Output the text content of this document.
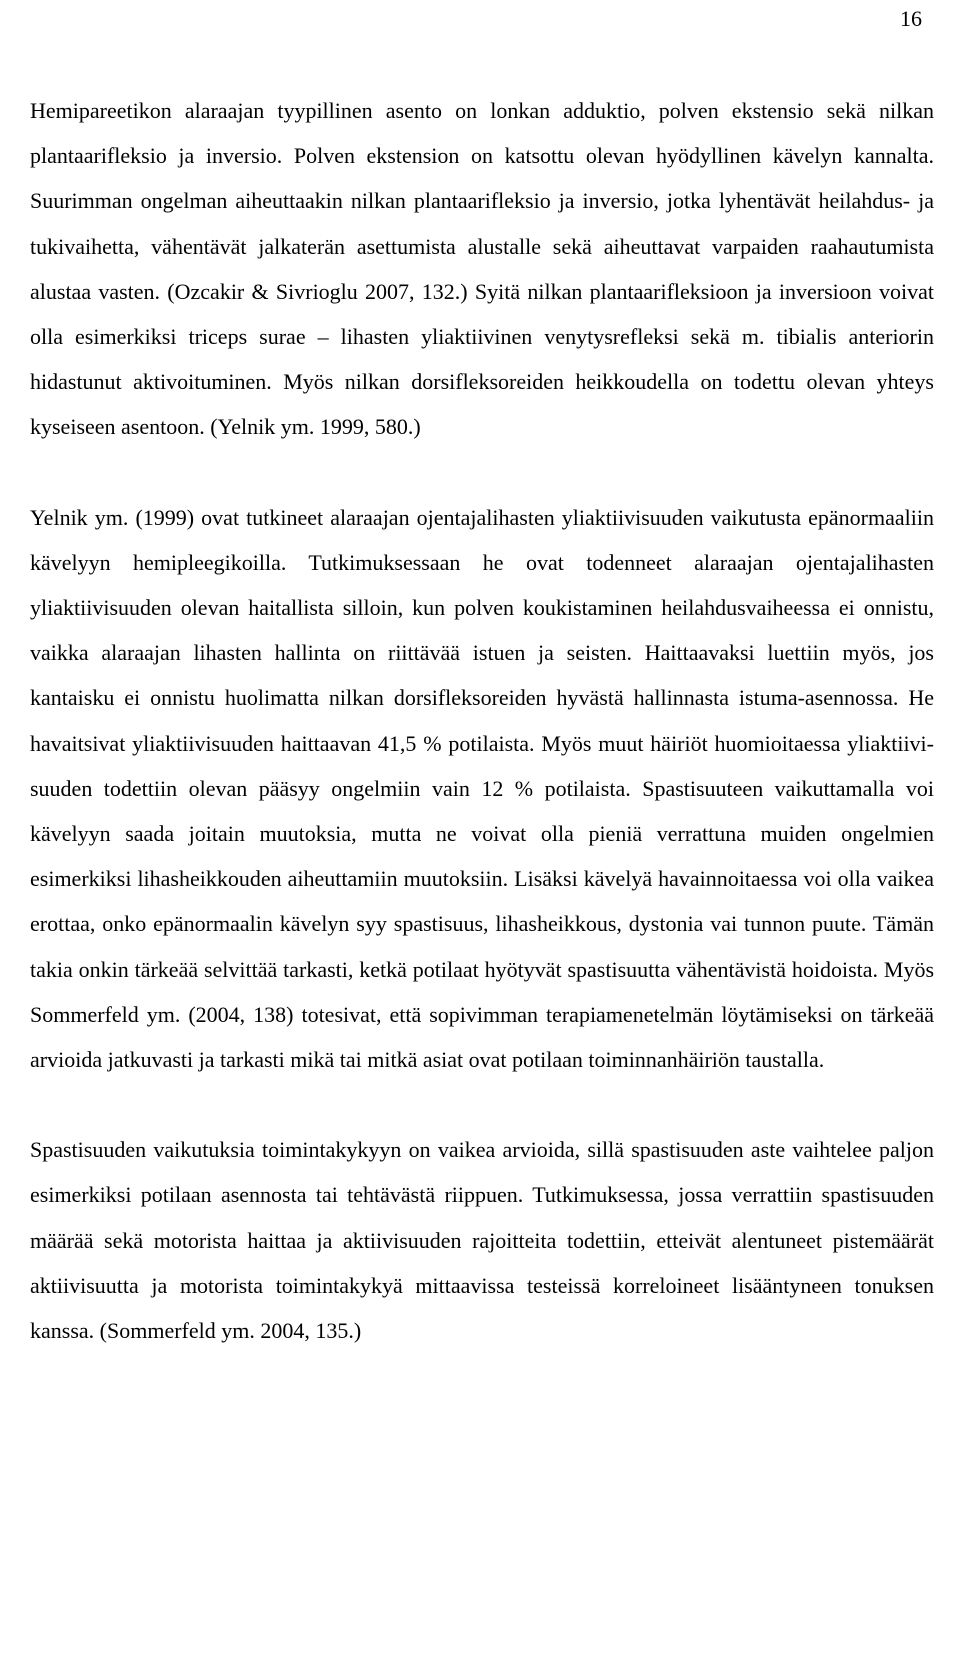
16

Hemipareetikon alaraajan tyypillinen asento on lonkan adduktio, polven ekstensio sekä nilkan plantaarifleksio ja inversio. Polven ekstension on katsottu olevan hyödyllinen kävelyn kannalta. Suurimman ongelman aiheuttaakin nilkan plantaarifleksio ja inversio, jotka lyhentävät heilahdus- ja tukivaihetta, vähentävät jalkaterän asettumista alustalle sekä aiheuttavat varpaiden raahautumista alustaa vasten. (Ozcakir & Sivrioglu 2007, 132.) Syitä nilkan plantaarifleksioon ja inversioon voivat olla esimerkiksi triceps surae – lihasten yliaktiivinen venytysrefleksi sekä m. tibialis anteriorin hidastunut aktivoituminen. Myös nilkan dorsifleksoreiden heikkoudella on todettu olevan yhteys kyseiseen asentoon. (Yelnik ym. 1999, 580.)

Yelnik ym. (1999) ovat tutkineet alaraajan ojentajalihasten yliaktiivisuuden vaikutusta epänormaaliin kävelyyn hemipleegikoilla. Tutkimuksessaan he ovat todenneet alaraajan ojentajalihasten yliaktiivisuuden olevan haitallista silloin, kun polven koukistaminen heilahdusvaiheessa ei onnistu, vaikka alaraajan lihasten hallinta on riittävää istuen ja seisten. Haittaavaksi luettiin myös, jos kantaisku ei onnistu huolimatta nilkan dorsifleksoreiden hyvästä hallinnasta istuma-asennossa. He havaitsivat yliaktiivisuuden haittaavan 41,5 % potilaista. Myös muut häiriöt huomioitaessa yliaktiivisuuden todettiin olevan pääsyy ongelmiin vain 12 % potilaista. Spastisuuteen vaikuttamalla voi kävelyyn saada joitain muutoksia, mutta ne voivat olla pieniä verrattuna muiden ongelmien esimerkiksi lihasheikkouden aiheuttamiin muutoksiin. Lisäksi kävelyä havainnoitaessa voi olla vaikea erottaa, onko epänormaalin kävelyn syy spastisuus, lihasheikkous, dystonia vai tunnon puute. Tämän takia onkin tärkeää selvittää tarkasti, ketkä potilaat hyötyvät spastisuutta vähentävistä hoidoista. Myös Sommerfeld ym. (2004, 138) totesivat, että sopivimman terapiamenetelmän löytämiseksi on tärkeää arvioida jatkuvasti ja tarkasti mikä tai mitkä asiat ovat potilaan toiminnanhäiriön taustalla.

Spastisuuden vaikutuksia toimintakykyyn on vaikea arvioida, sillä spastisuuden aste vaihtelee paljon esimerkiksi potilaan asennosta tai tehtävästä riippuen. Tutkimuksessa, jossa verrattiin spastisuuden määrää sekä motorista haittaa ja aktiivisuuden rajoitteita todettiin, etteivät alentuneet pistemäärät aktiivisuutta ja motorista toimintakykyä mittaavissa testeissä korreloineet lisääntyneen tonuksen kanssa. (Sommerfeld ym. 2004, 135.)
